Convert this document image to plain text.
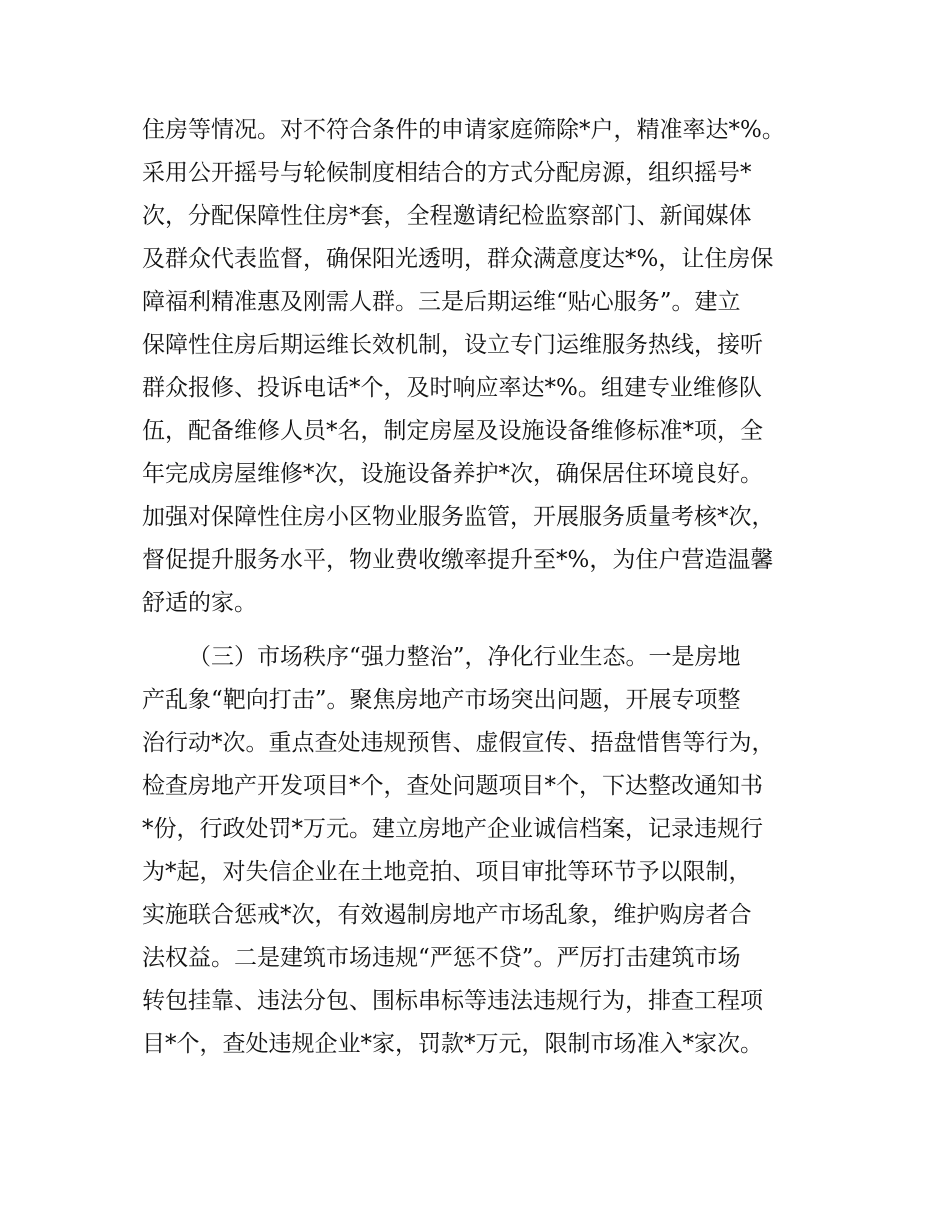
住房等情况。对不符合条件的申请家庭筛除*户，精准率达*%。
采用公开摇号与轮候制度相结合的方式分配房源，组织摇号*
次，分配保障性住房*套，全程邀请纪检监察部门、新闻媒体
及群众代表监督，确保阳光透明，群众满意度达*%，让住房保
障福利精准惠及刚需人群。三是后期运维“贴心服务”。建立
保障性住房后期运维长效机制，设立专门运维服务热线，接听
群众报修、投诉电话*个，及时响应率达*%。组建专业维修队
伍，配备维修人员*名，制定房屋及设施设备维修标准*项，全
年完成房屋维修*次，设施设备养护*次，确保居住环境良好。
加强对保障性住房小区物业服务监管，开展服务质量考核*次，
督促提升服务水平，物业费收缴率提升至*%，为住户营造温馨
舒适的家。
（三）市场秩序“强力整治”，净化行业生态。一是房地
产乱象“靶向打击”。聚焦房地产市场突出问题，开展专项整
治行动*次。重点查处违规预售、虚假宣传、捂盘惜售等行为，
检查房地产开发项目*个，查处问题项目*个，下达整改通知书
*份，行政处罚*万元。建立房地产企业诚信档案，记录违规行
为*起，对失信企业在土地竞拍、项目审批等环节予以限制，
实施联合惩戒*次，有效遏制房地产市场乱象，维护购房者合
法权益。二是建筑市场违规“严惩不贷”。严厉打击建筑市场
转包挂靠、违法分包、围标串标等违法违规行为，排查工程项
目*个，查处违规企业*家，罚款*万元，限制市场准入*家次。
